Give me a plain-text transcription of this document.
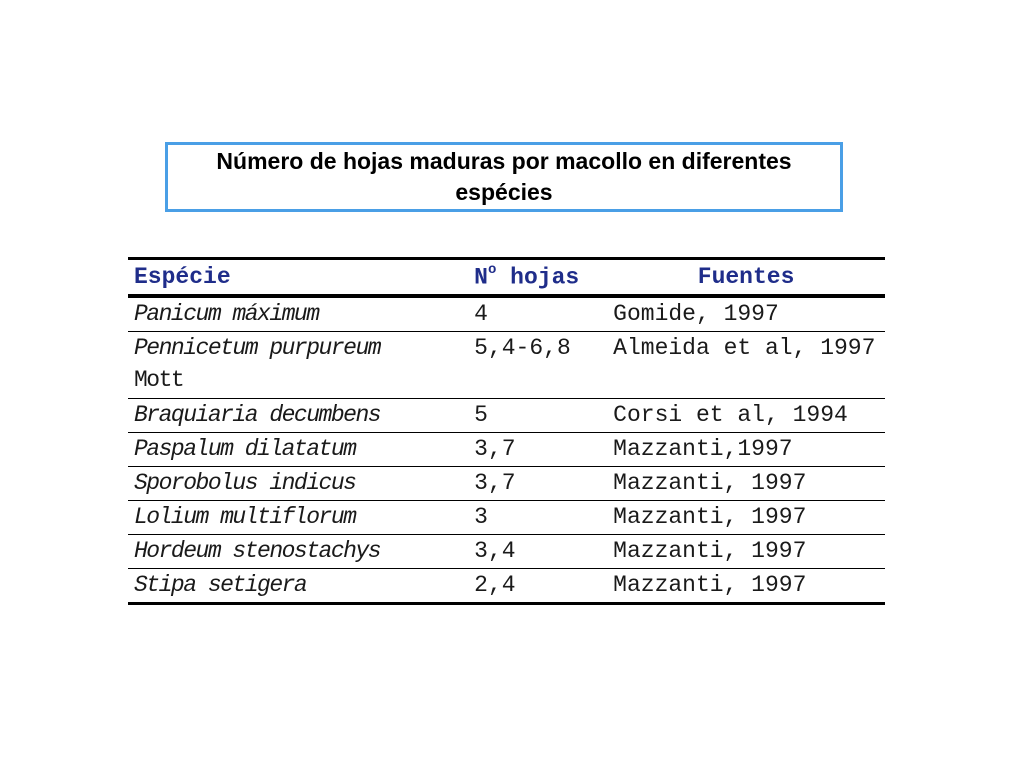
Número de hojas maduras por macollo en diferentes espécies
Espécie	$N^o$ hojas	Fuentes
Panicum máximum	4	Gomide, 1997
Pennicetum purpureum
Mott	5,4-6,8	Almeida et al, 1997
Braquiaria decumbens	5	Corsi et al, 1994
Paspalum dilatatum	3,7	Mazzanti,1997
Sporobolus indicus	3,7	Mazzanti, 1997
Lolium multiflorum	3	Mazzanti, 1997
Hordeum stenostachys	3,4	Mazzanti, 1997
Stipa setigera	2,4	Mazzanti, 1997
